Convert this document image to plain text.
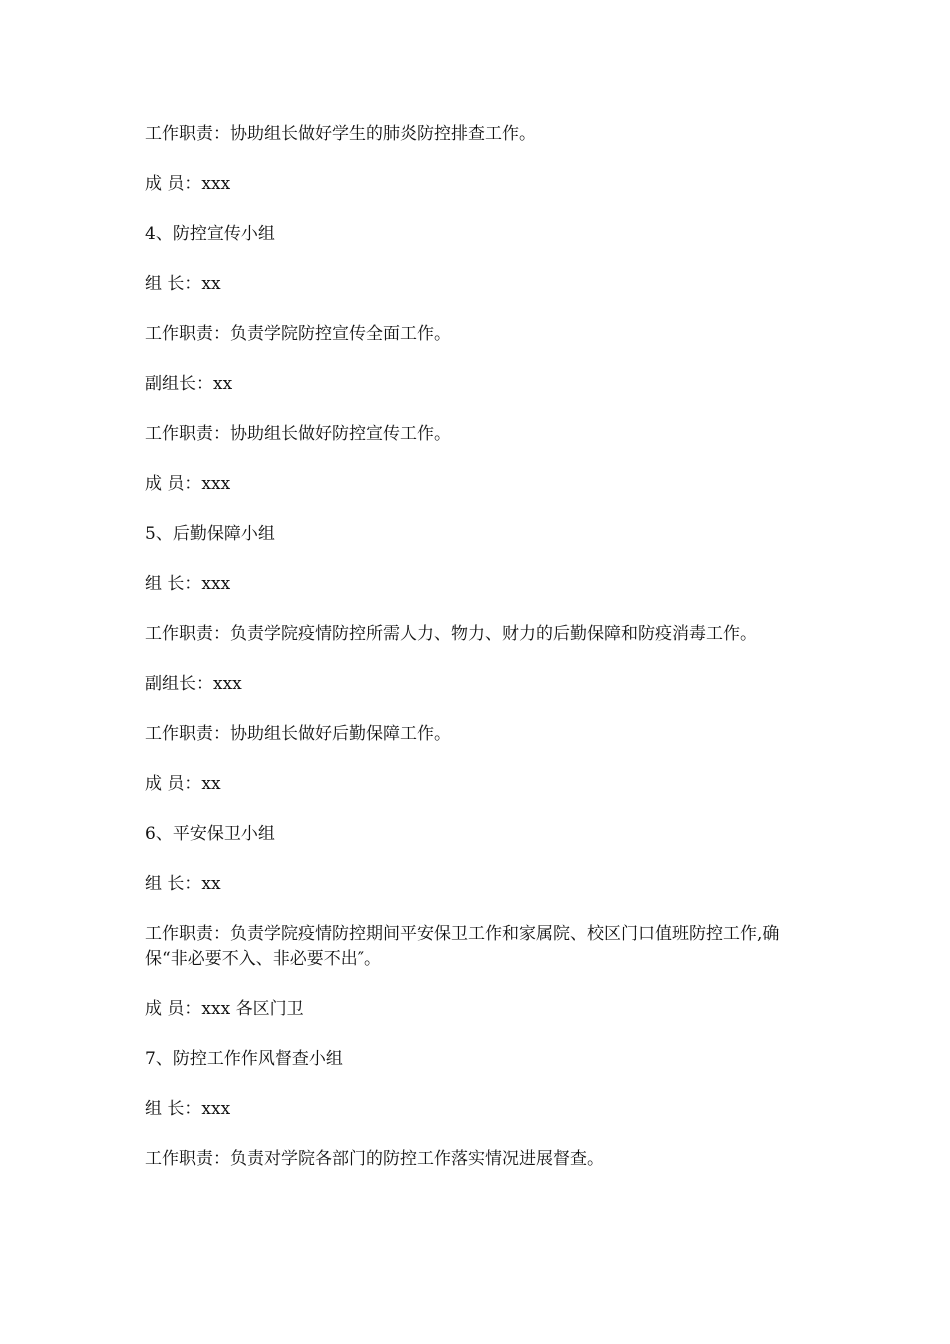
工作职责：协助组长做好学生的肺炎防控排查工作。

成 员：xxx

4、防控宣传小组

组 长：xx

工作职责：负责学院防控宣传全面工作。

副组长：xx

工作职责：协助组长做好防控宣传工作。

成 员：xxx

5、后勤保障小组

组 长：xxx

工作职责：负责学院疫情防控所需人力、物力、财力的后勤保障和防疫消毒工作。

副组长：xxx

工作职责：协助组长做好后勤保障工作。

成 员：xx

6、平安保卫小组

组 长：xx

工作职责：负责学院疫情防控期间平安保卫工作和家属院、校区门口值班防控工作,确保“非必要不入、非必要不出″。

成 员：xxx 各区门卫

7、防控工作作风督查小组

组 长：xxx

工作职责：负责对学院各部门的防控工作落实情况进展督查。
